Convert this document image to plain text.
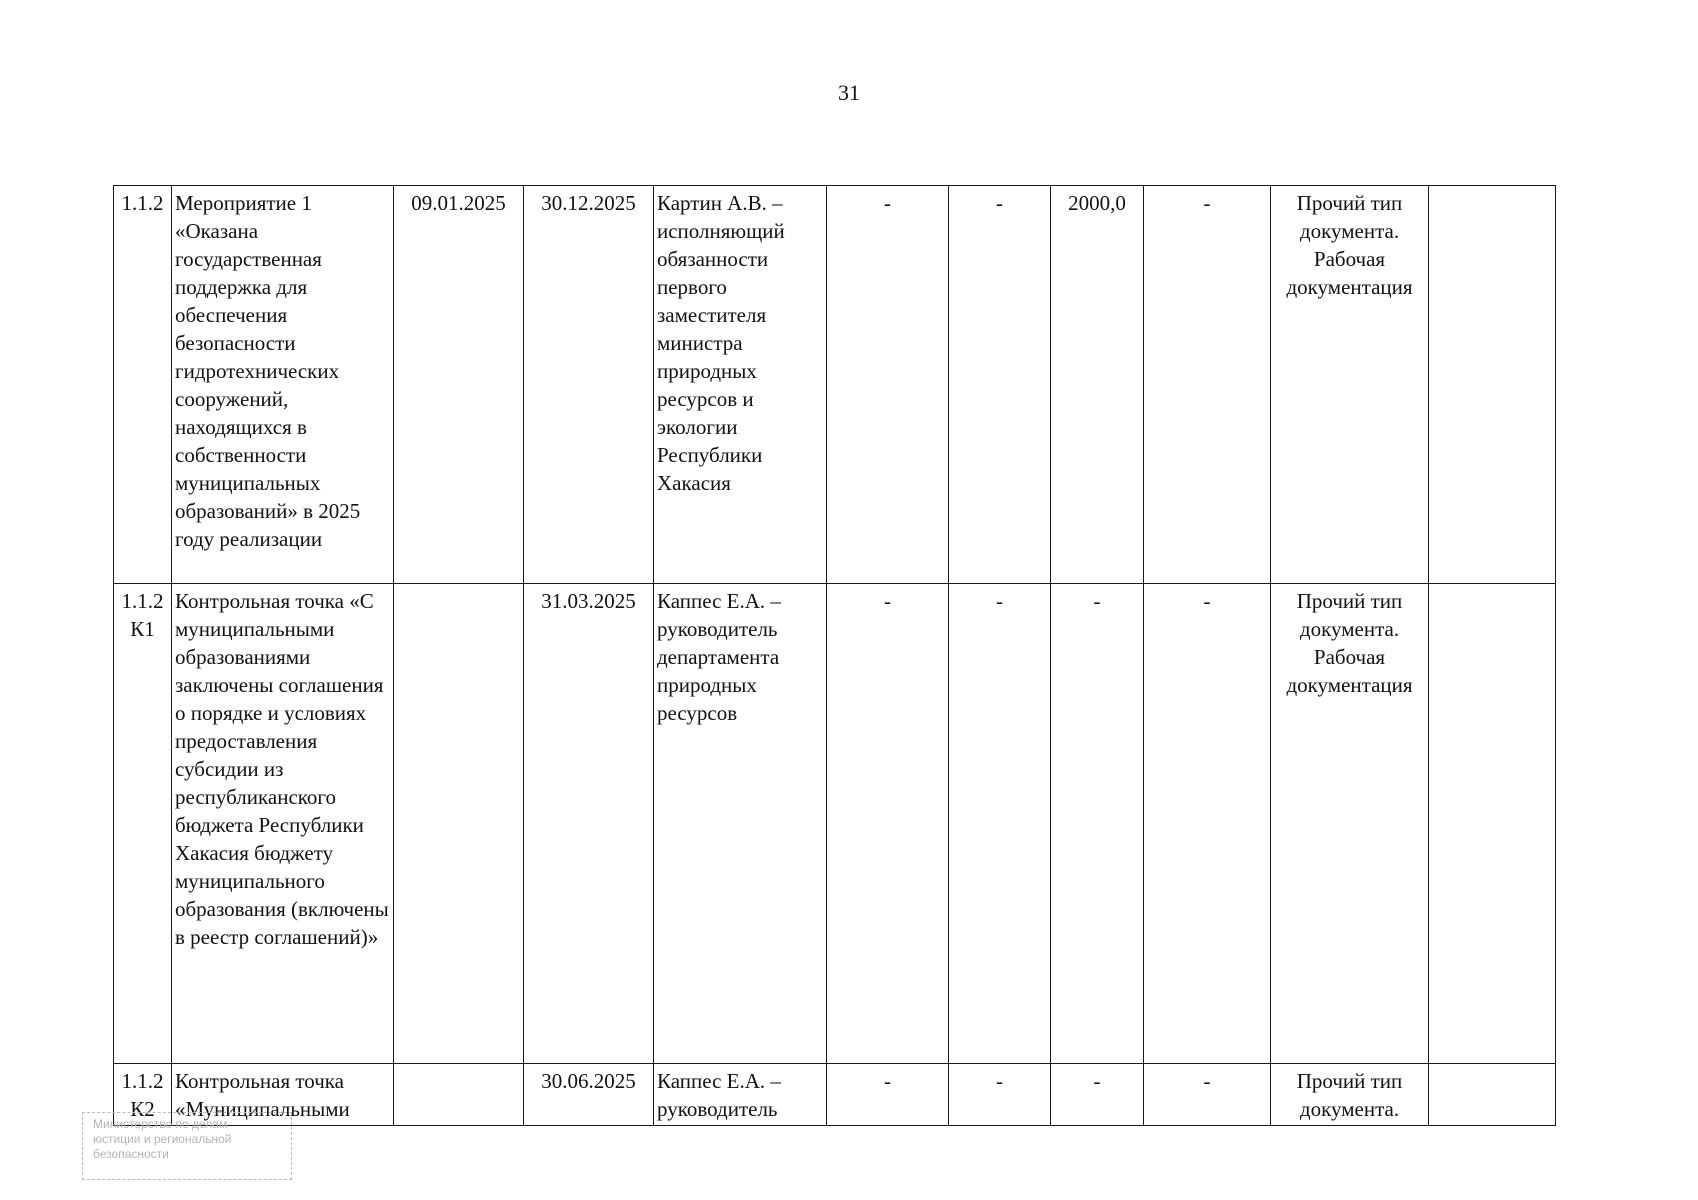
31
1.1.2	Мероприятие 1 «Оказана государственная поддержка для обеспечения безопасности гидротехнических сооружений, находящихся в собственности муниципальных образований» в 2025 году реализации	09.01.2025	30.12.2025	Картин А.В. – исполняющий обязанности первого заместителя министра природных ресурсов и экологии Республики Хакасия	-	-	2000,0	-	Прочий тип документа. Рабочая документация	
1.1.2 К1	Контрольная точка «С муниципальными образованиями заключены соглашения о порядке и условиях предоставления субсидии из республиканского бюджета Республики Хакасия бюджету муниципального образования (включены в реестр соглашений)»		31.03.2025	Каппес Е.А. – руководитель департамента природных ресурсов	-	-	-	-	Прочий тип документа. Рабочая документация	
1.1.2 К2	Контрольная точка «Муниципальными		30.06.2025	Каппес Е.А. – руководитель	-	-	-	-	Прочий тип документа.	
Министерство по делам
юстиции и региональной
безопасности
